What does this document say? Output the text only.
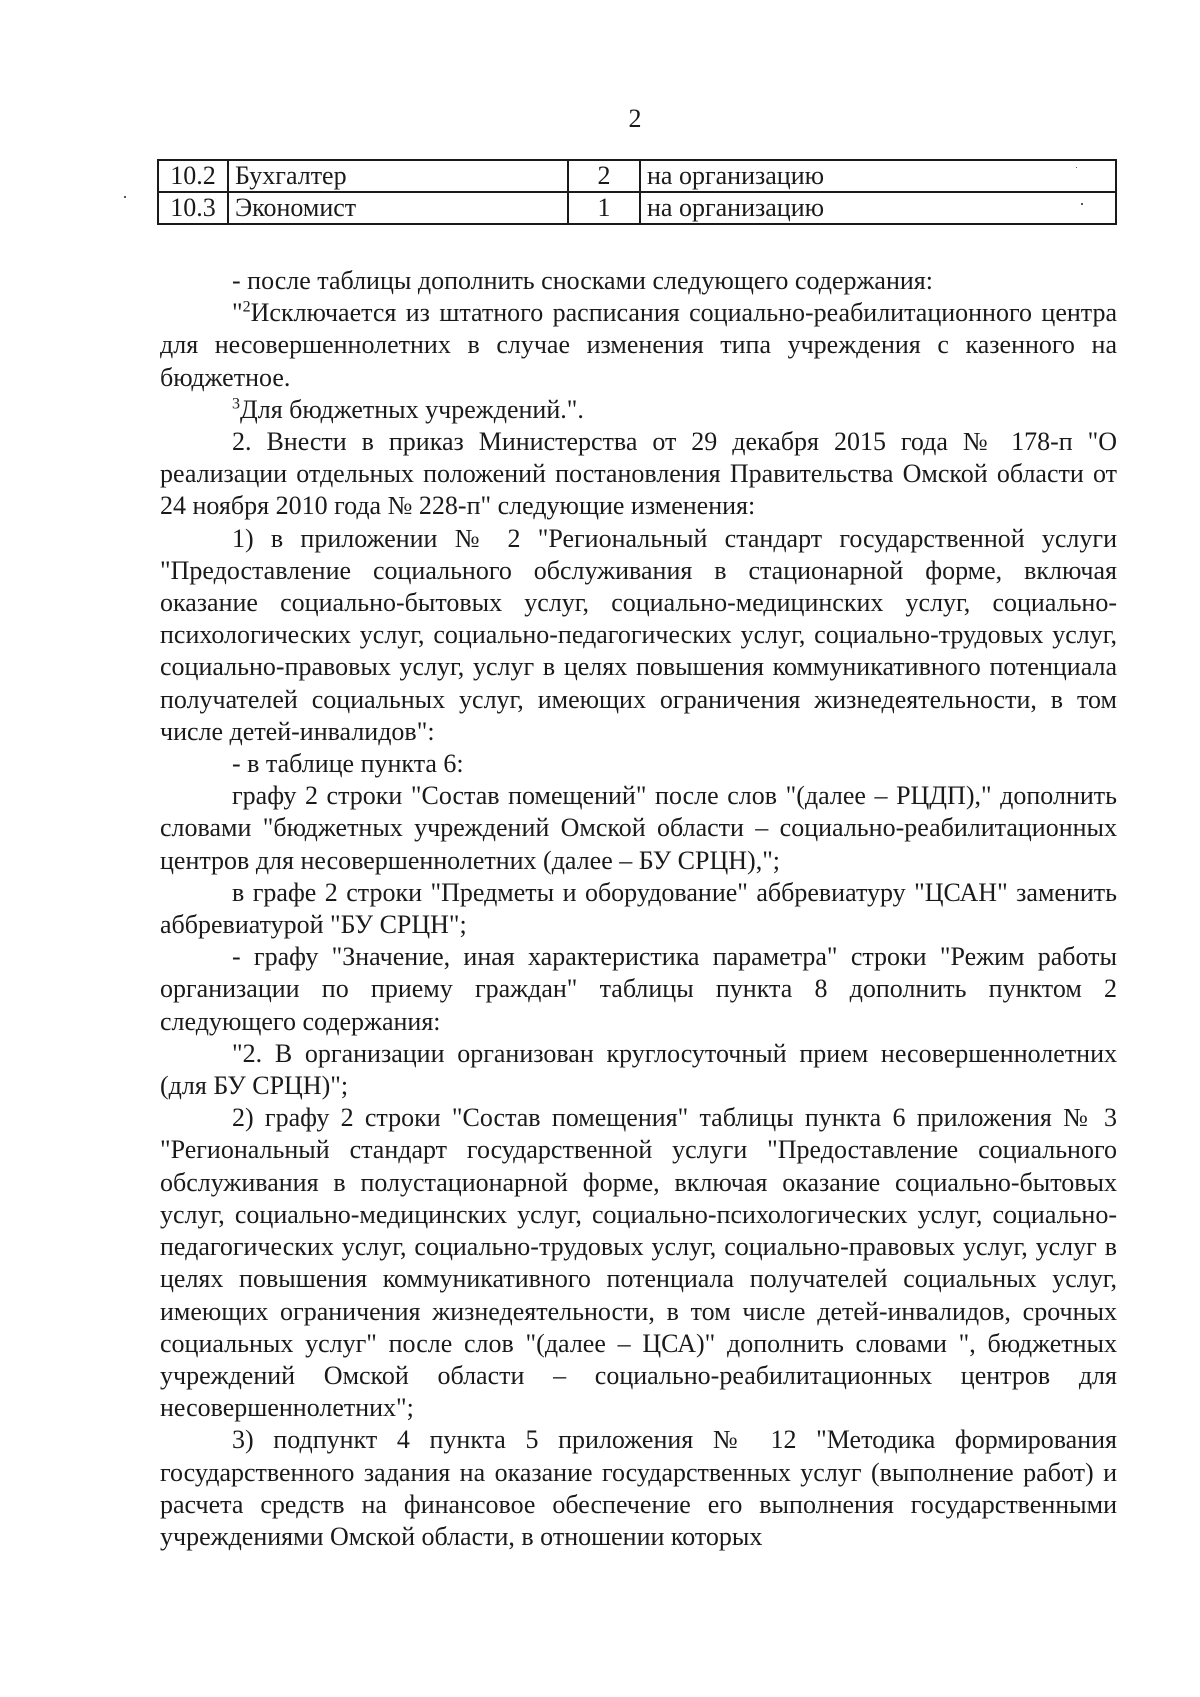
2
10.2	Бухгалтер	2	на организацию
10.3	Экономист	1	на организацию

- после таблицы дополнить сносками следующего содержания:

"$^2$Исключается из штатного расписания социально-реабилитационного центра для несовершеннолетних в случае изменения типа учреждения с казенного на бюджетное.

$^3$Для бюджетных учреждений.".

2. Внести в приказ Министерства от 29 декабря 2015 года № 178-п "О реализации отдельных положений постановления Правительства Омской области от 24 ноября 2010 года № 228-п" следующие изменения:

1) в приложении № 2 "Региональный стандарт государственной услуги "Предоставление социального обслуживания в стационарной форме, включая оказание социально-бытовых услуг, социально-медицинских услуг, социально-психологических услуг, социально-педагогических услуг, социально-трудовых услуг, социально-правовых услуг, услуг в целях повышения коммуникативного потенциала получателей социальных услуг, имеющих ограничения жизнедеятельности, в том числе детей-инвалидов":

- в таблице пункта 6:

графу 2 строки "Состав помещений" после слов "(далее – РЦДП)," дополнить словами "бюджетных учреждений Омской области – социально-реабилитационных центров для несовершеннолетних (далее – БУ СРЦН),";

в графе 2 строки "Предметы и оборудование" аббревиатуру "ЦСАН" заменить аббревиатурой "БУ СРЦН";

- графу "Значение, иная характеристика параметра" строки "Режим работы организации по приему граждан" таблицы пункта 8 дополнить пунктом 2 следующего содержания:

"2. В организации организован круглосуточный прием несовершеннолетних (для БУ СРЦН)";

2) графу 2 строки "Состав помещения" таблицы пункта 6 приложения № 3 "Региональный стандарт государственной услуги "Предоставление социального обслуживания в полустационарной форме, включая оказание социально-бытовых услуг, социально-медицинских услуг, социально-психологических услуг, социально-педагогических услуг, социально-трудовых услуг, социально-правовых услуг, услуг в целях повышения коммуникативного потенциала получателей социальных услуг, имеющих ограничения жизнедеятельности, в том числе детей-инвалидов, срочных социальных услуг" после слов "(далее – ЦСА)" дополнить словами ", бюджетных учреждений Омской области – социально-реабилитационных центров для несовершеннолетних";

3) подпункт 4 пункта 5 приложения № 12 "Методика формирования государственного задания на оказание государственных услуг (выполнение работ) и расчета средств на финансовое обеспечение его выполнения государственными учреждениями Омской области, в отношении которых
